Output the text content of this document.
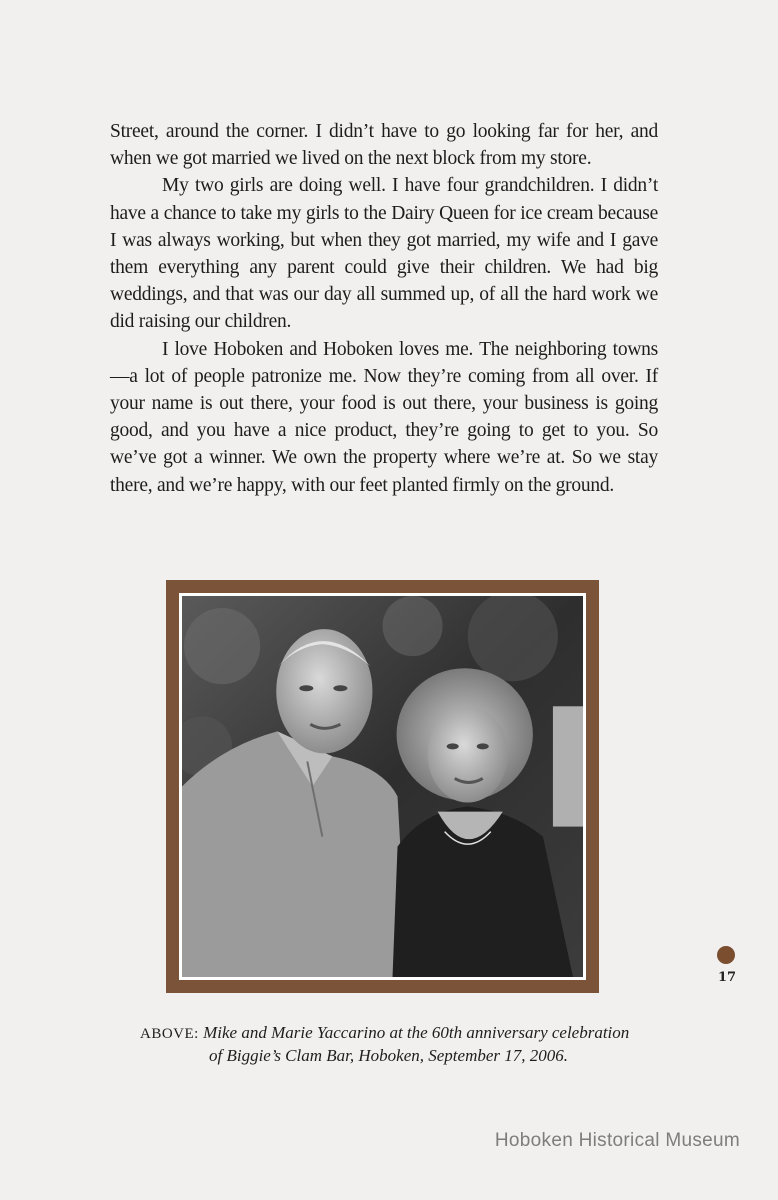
Street, around the corner. I didn’t have to go looking far for her, and when we got married we lived on the next block from my store.

My two girls are doing well. I have four grandchildren. I didn’t have a chance to take my girls to the Dairy Queen for ice cream because I was always working, but when they got married, my wife and I gave them everything any parent could give their children. We had big weddings, and that was our day all summed up, of all the hard work we did raising our children.

I love Hoboken and Hoboken loves me. The neighboring towns—a lot of people patronize me. Now they’re coming from all over. If your name is out there, your food is out there, your business is going good, and you have a nice product, they’re going to get to you. So we’ve got a winner. We own the property where we’re at. So we stay there, and we’re happy, with our feet planted firmly on the ground.

17
ABOVE: Mike and Marie Yaccarino at the 60th anniversary celebration
of Biggie’s Clam Bar, Hoboken, September 17, 2006.
Hoboken Historical Museum
